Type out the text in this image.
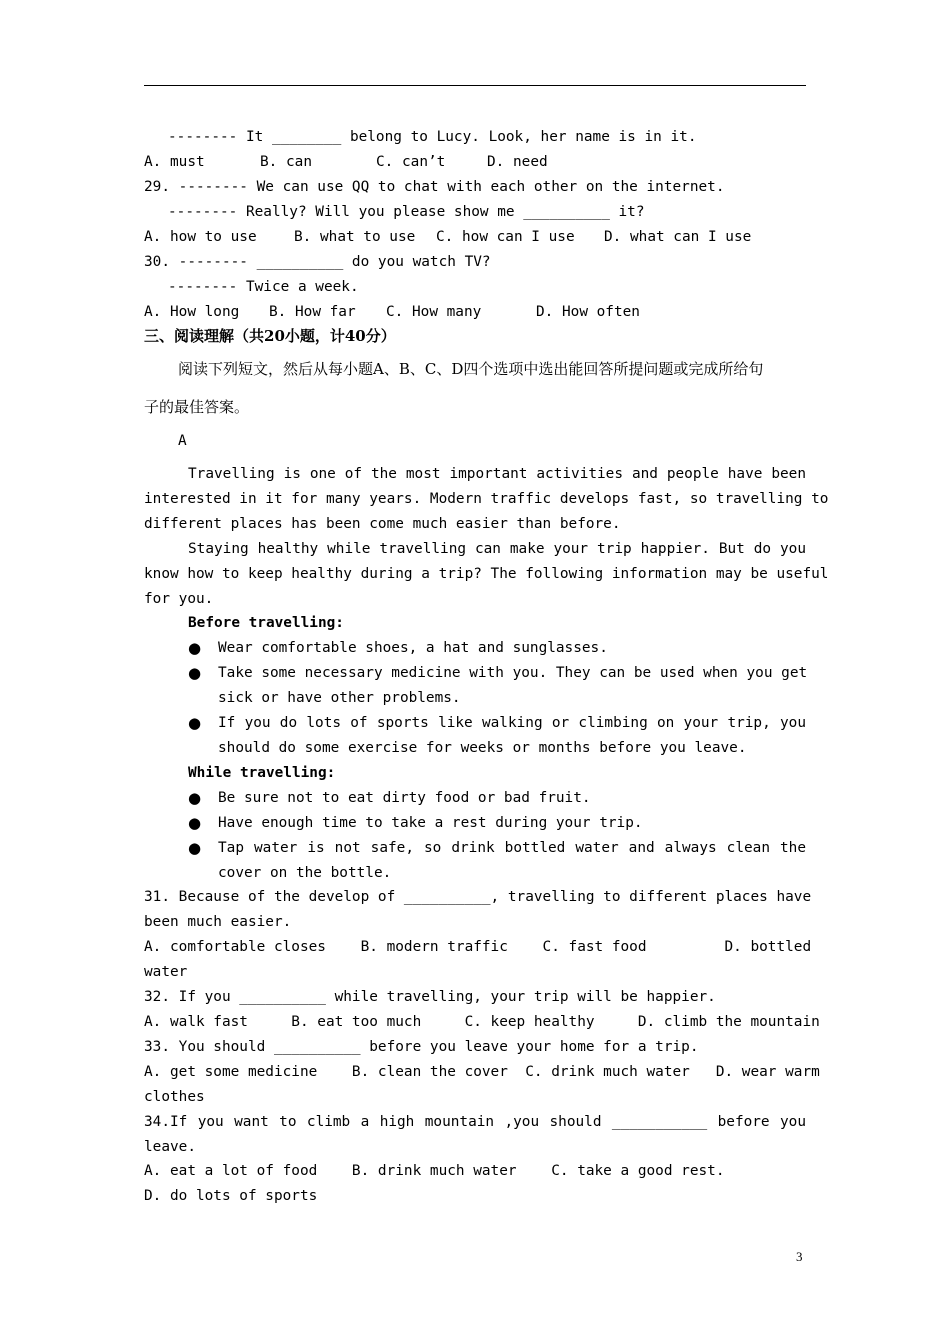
-------- It ________ belong to Lucy. Look, her name is in it.
A. must	B. can	C. can’t	D. need
29. -------- We can use QQ to chat with each other on the internet.
-------- Really? Will you please show me __________ it?
A. how to use	B. what to use C. how can I use D. what can I use
30. -------- __________ do you watch TV?
-------- Twice a week.
A. How long B. How far C. How many	D. How often
三、阅读理解（共20小题，计40分）
阅读下列短文，然后从每小题A、B、C、D四个选项中选出能回答所提问题或完成所给句
子的最佳答案。
A
Travelling is one of the most important activities and people have been
interested in it for many years. Modern traffic develops fast, so travelling to
different places has been come much easier than before.
Staying healthy while travelling can make your trip happier. But do you
know how to keep healthy during a trip? The following information may be useful
for you.
Before travelling:
● Wear comfortable shoes, a hat and sunglasses.
● Take some necessary medicine with you. They can be used when you get
sick or have other problems.
● If you do lots of sports like walking or climbing on your trip, you
should do some exercise for weeks or months before you leave.
While travelling:
● Be sure not to eat dirty food or bad fruit.
● Have enough time to take a rest during your trip.
● Tap water is not safe, so drink bottled water and always clean the
cover on the bottle.
31. Because of the develop of __________, travelling to different places have
been much easier.
A. comfortable closes    B. modern traffic    C. fast food         D. bottled
water
32. If you __________ while travelling, your trip will be happier.
A. walk fast     B. eat too much     C. keep healthy     D. climb the mountain
33. You should __________ before you leave your home for a trip.
A. get some medicine    B. clean the cover  C. drink much water   D. wear warm
clothes
34.If you want to climb a high mountain ,you should ___________ before you
leave.
A. eat a lot of food    B. drink much water    C. take a good rest.
D. do lots of sports
3
